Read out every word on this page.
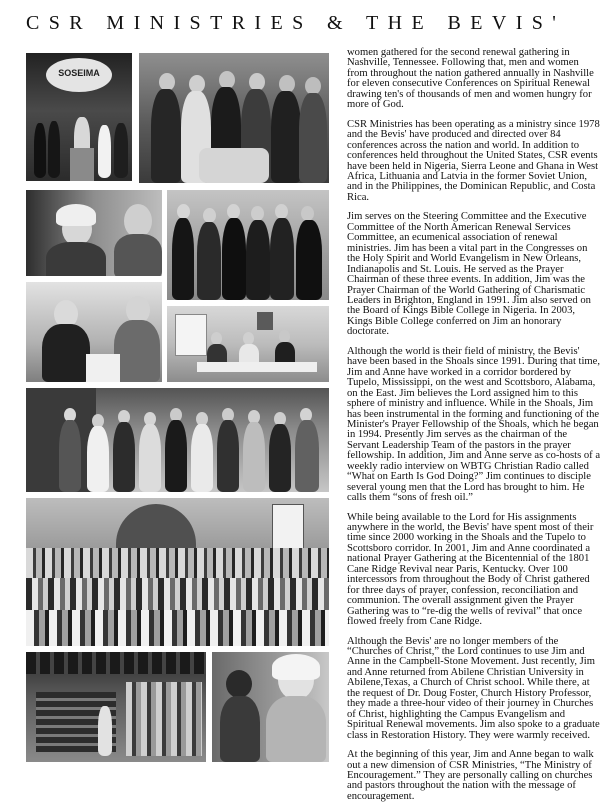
CSR MINISTRIES & THE BEVIS'
SOSEIMA

women gathered for the second renewal gathering in Nashville, Tennessee. Following that, men and women from throughout the nation gathered annually in Nashville for eleven consecutive Conferences on Spiritual Renewal drawing ten's of thousands of men and women hungry for more of God.

CSR Ministries has been operating as a ministry since 1978 and the Bevis' have produced and directed over 84 conferences across the nation and world. In addition to conferences held throughout the United States, CSR events have been held in Nigeria, Sierra Leone and Ghana in West Africa, Lithuania and Latvia in the former Soviet Union, and in the Philippines, the Dominican Republic, and Costa Rica.

Jim serves on the Steering Committee and the Executive Committee of the North American Renewal Services Committee, an ecumenical association of renewal ministries. Jim has been a vital part in the Congresses on the Holy Spirit and World Evangelism in New Orleans, Indianapolis and St. Louis. He served as the Prayer Chairman of these three events. In addition, Jim was the Prayer Chairman of the World Gathering of Charismatic Leaders in Brighton, England in 1991. Jim also served on the Board of Kings Bible College in Nigeria. In 2003, Kings Bible College conferred on Jim an honorary doctorate.

Although the world is their field of ministry, the Bevis' have been based in the Shoals since 1991. During that time, Jim and Anne have worked in a corridor bordered by Tupelo, Mississippi, on the west and Scottsboro, Alabama, on the East. Jim believes the Lord assigned him to this sphere of ministry and influence. While in the Shoals, Jim has been instrumental in the forming and functioning of the Minister's Prayer Fellowship of the Shoals, which he began in 1994. Presently Jim serves as the chairman of the Servant Leadership Team of the pastors in the prayer fellowship. In addition, Jim and Anne serve as co-hosts of a weekly radio interview on WBTG Christian Radio called “What on Earth Is God Doing?” Jim continues to disciple several young men that the Lord has brought to him. He calls them “sons of fresh oil.”

While being available to the Lord for His assignments anywhere in the world, the Bevis' have spent most of their time since 2000 working in the Shoals and the Tupelo to Scottsboro corridor. In 2001, Jim and Anne coordinated a national Prayer Gathering at the Bicentennial of the 1801 Cane Ridge Revival near Paris, Kentucky. Over 100 intercessors from throughout the Body of Christ gathered for three days of prayer, confession, reconciliation and communion. The overall assignment given the Prayer Gathering was to “re-dig the wells of revival” that once flowed freely from Cane Ridge.

Although the Bevis' are no longer members of the “Churches of Christ,” the Lord continues to use Jim and Anne in the Campbell-Stone Movement. Just recently, Jim and Anne returned from Abilene Christian University in Abilene,Texas, a Church of Christ school. While there, at the request of Dr. Doug Foster, Church History Professor, they made a three-hour video of their journey in Churches of Christ, highlighting the Campus Evangelism and Spiritual Renewal movements. Jim also spoke to a graduate class in Restoration History. They were warmly received.

At the beginning of this year, Jim and Anne began to walk out a new dimension of CSR Ministries, “The Ministry of Encouragement.” They are personally calling on churches and pastors throughout the nation with the message of encouragement.
